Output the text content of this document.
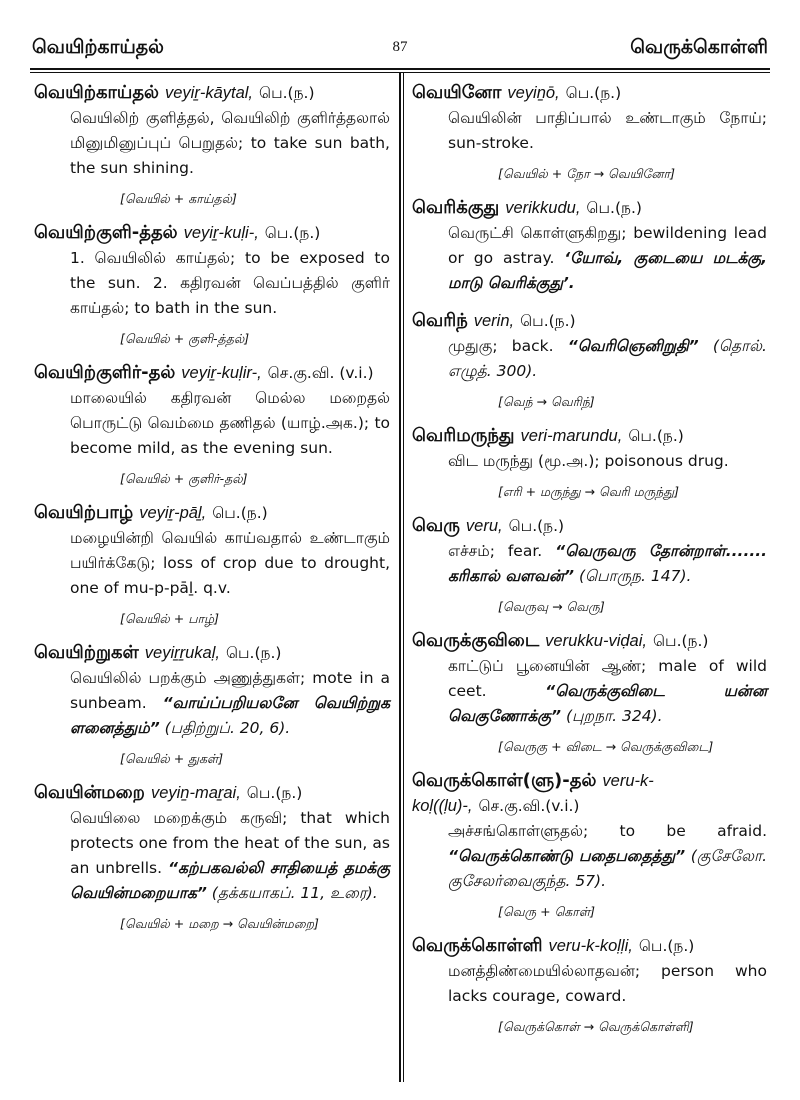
வெயிற்காய்தல்	87	வெருக்கொள்ளி
வெயிற்காய்தல் veyiṟ-kāytal, பெ.(ந.)
வெயிலிற் குளித்தல், வெயிலிற் குளிர்த்தலால் மினுமினுப்புப் பெறுதல்; to take sun bath, the sun shining.
[வெயில் + காய்தல்]
வெயிற்குளி-த்தல் veyiṟ-kuḷi-, பெ.(ந.)
1. வெயிலில் காய்தல்; to be exposed to the sun. 2. கதிரவன் வெப்பத்தில் குளிர் காய்தல்; to bath in the sun.
[வெயில் + குளி-த்தல்]
வெயிற்குளிர்-தல் veyiṟ-kuḷir-, செ.கு.வி. (v.i.)
மாலையில் கதிரவன் மெல்ல மறைதல் பொருட்டு வெம்மை தணிதல் (யாழ்.அக.); to become mild, as the evening sun.
[வெயில் + குளிர்-தல்]
வெயிற்பாழ் veyiṟ-pāḻ, பெ.(ந.)
மழையின்றி வெயில் காய்வதால் உண்டாகும் பயிர்க்கேடு; loss of crop due to drought, one of mu-p-pāḻ. q.v.
[வெயில் + பாழ்]
வெயிற்றுகள் veyiṟṟukaḷ, பெ.(ந.)
வெயிலில் பறக்கும் அணுத்துகள்; mote in a sunbeam. “வாய்ப்பறியலனே வெயிற்றுக ளனைத்தும்” (பதிற்றுப். 20, 6).
[வெயில் + துகள்]
வெயின்மறை veyiṉ-maṟai, பெ.(ந.)
வெயிலை மறைக்கும் கருவி; that which protects one from the heat of the sun, as an unbrells. “கற்பகவல்லி சாதியைத் தமக்கு வெயின்மறையாக” (தக்கயாகப். 11, உரை).
[வெயில் + மறை → வெயின்மறை]
வெயினோ veyiṉō, பெ.(ந.)
வெயிலின் பாதிப்பால் உண்டாகும் நோய்; sun-stroke.
[வெயில் + நோ → வெயினோ]
வெரிக்குது verikkudu, பெ.(ந.)
வெருட்சி கொள்ளுகிறது; bewildening lead or go astray. ‘யோவ், குடையை மடக்கு, மாடு வெரிக்குது’.
வெரிந் verin, பெ.(ந.)
முதுகு; back. “வெரிஞெனிறுதி” (தொல். எழுத். 300).
[வெந் → வெரிந்]
வெரிமருந்து veri-marundu, பெ.(ந.)
விட மருந்து (மூ.அ.); poisonous drug.
[எரி + மருந்து → வெரி மருந்து]
வெரு veru, பெ.(ந.)
எச்சம்; fear. “வெருவரு தோன்றாள்....... கரிகால் வளவன்” (பொருந. 147).
[வெருவு → வெரு]
வெருக்குவிடை verukku-viḍai, பெ.(ந.)
காட்டுப் பூனையின் ஆண்; male of wild ceet.	“வெருக்குவிடை யன்ன வெகுணோக்கு” (புறநா. 324).
[வெருகு + விடை → வெருக்குவிடை]
வெருக்கொள்(ளு)-தல் veru-k-koḷ((ḷu)-, செ.கு.வி.(v.i.)
அச்சங்கொள்ளுதல்; to be afraid. “வெருக்கொண்டு பதைபதைத்து” (குசேலோ. குசேலர்வைகுந்த. 57).
[வெரு + கொள்]
வெருக்கொள்ளி veru-k-koḷḷi, பெ.(ந.)
மனத்திண்மையில்லாதவன்; person who lacks courage, coward.
[வெருக்கொள் → வெருக்கொள்ளி]
